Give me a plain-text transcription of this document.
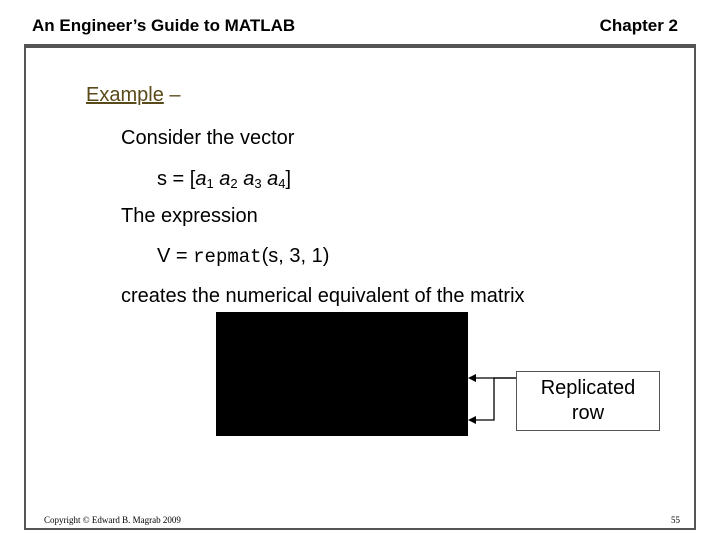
An Engineer’s Guide to MATLAB	Chapter 2
Example –
Consider the vector
$s = [a_1$ $a_2$ $a_3$ $a_4$]
The expression
V = repmat(s, 3, 1)
creates the numerical equivalent of the matrix
Replicated
row
Copyright © Edward B. Magrab 2009	55
